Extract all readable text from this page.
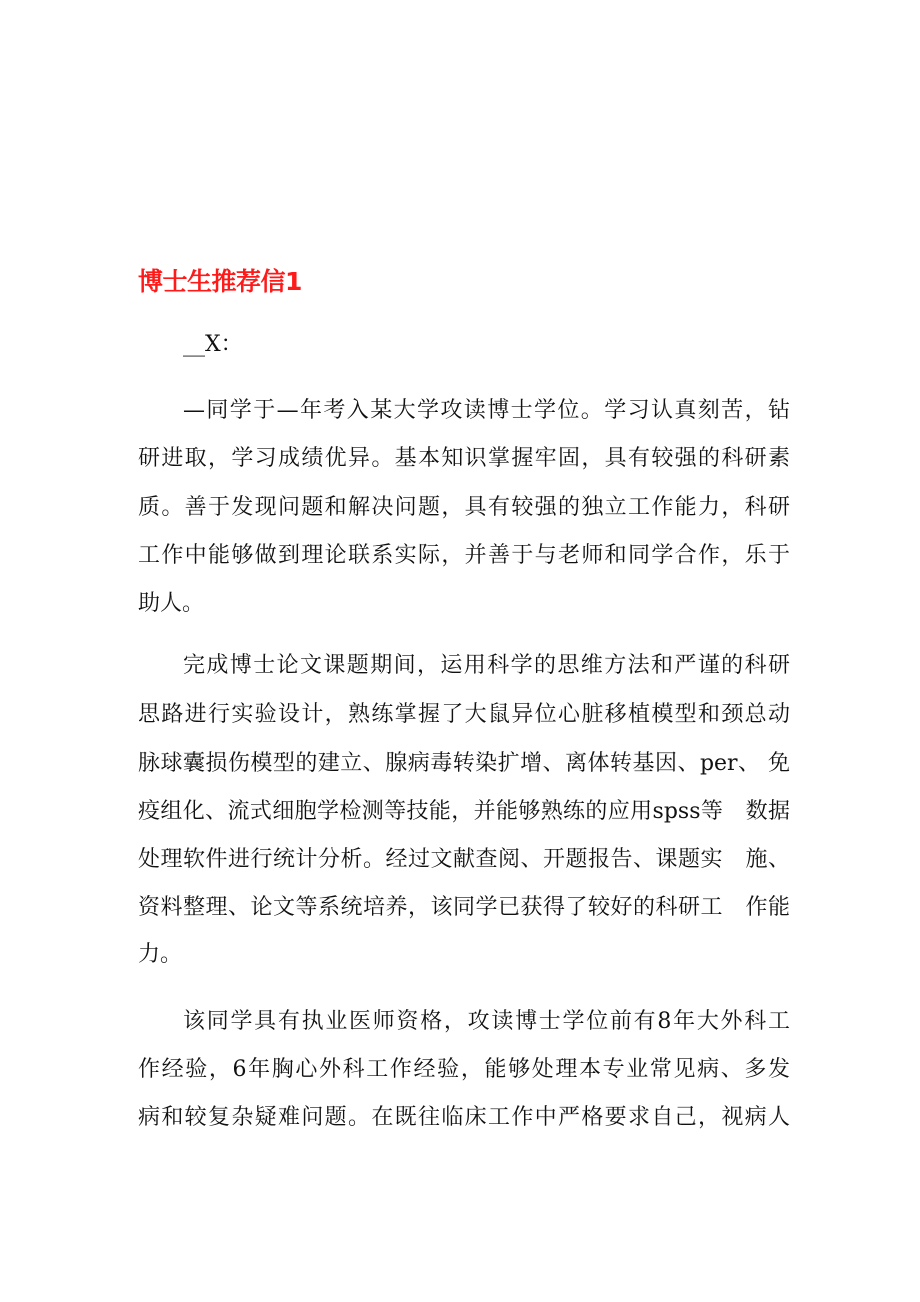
博士生推荐信1
__X：
—同学于—年考入某大学攻读博士学位。学习认真刻苦，钻
研进取，学习成绩优异。基本知识掌握牢固，具有较强的科研素
质。善于发现问题和解决问题，具有较强的独立工作能力，科研
工作中能够做到理论联系实际，并善于与老师和同学合作，乐于
助人。
完成博士论文课题期间，运用科学的思维方法和严谨的科研
思路进行实验设计，熟练掌握了大鼠异位心脏移植模型和颈总动
脉球囊损伤模型的建立、腺病毒转染扩增、离体转基因、per、 免
疫组化、流式细胞学检测等技能，并能够熟练的应用spss等　数据
处理软件进行统计分析。经过文献查阅、开题报告、课题实　施、
资料整理、论文等系统培养，该同学已获得了较好的科研工　作能
力。
该同学具有执业医师资格，攻读博士学位前有8年大外科工
作经验，6年胸心外科工作经验，能够处理本专业常见病、多发
病和较复杂疑难问题。在既往临床工作中严格要求自己，视病人
